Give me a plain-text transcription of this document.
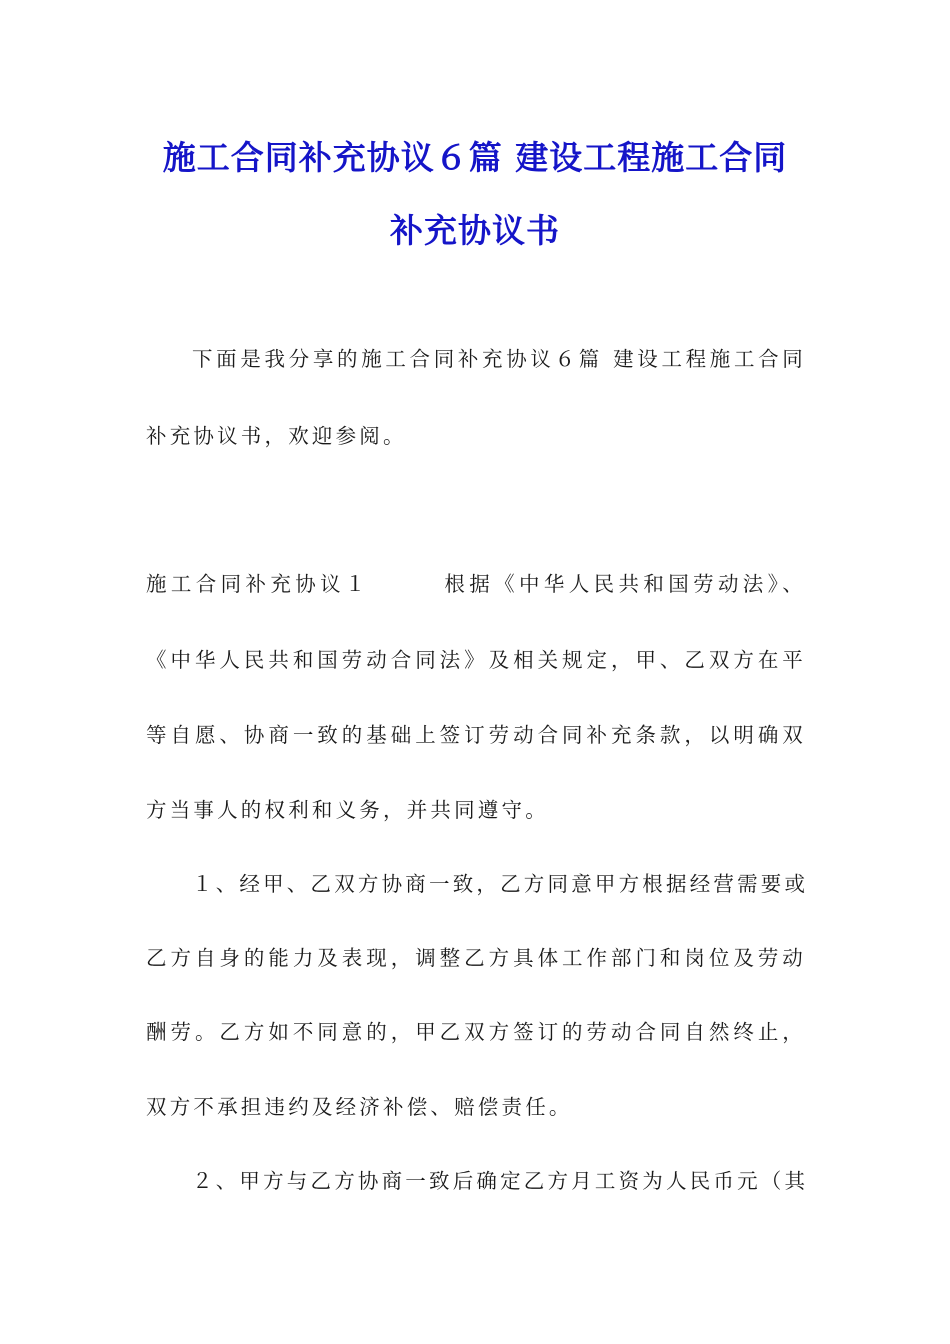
施工合同补充协议６篇 建设工程施工合同
补充协议书
下面是我分享的施工合同补充协议６篇 建设工程施工合同
补充协议书，欢迎参阅。
施工合同补充协议１　　　根据《中华人民共和国劳动法》、
《中华人民共和国劳动合同法》及相关规定，甲、乙双方在平
等自愿、协商一致的基础上签订劳动合同补充条款，以明确双
方当事人的权利和义务，并共同遵守。
１、经甲、乙双方协商一致，乙方同意甲方根据经营需要或
乙方自身的能力及表现，调整乙方具体工作部门和岗位及劳动
酬劳。乙方如不同意的，甲乙双方签订的劳动合同自然终止，
双方不承担违约及经济补偿、赔偿责任。
２、甲方与乙方协商一致后确定乙方月工资为人民币元（其
